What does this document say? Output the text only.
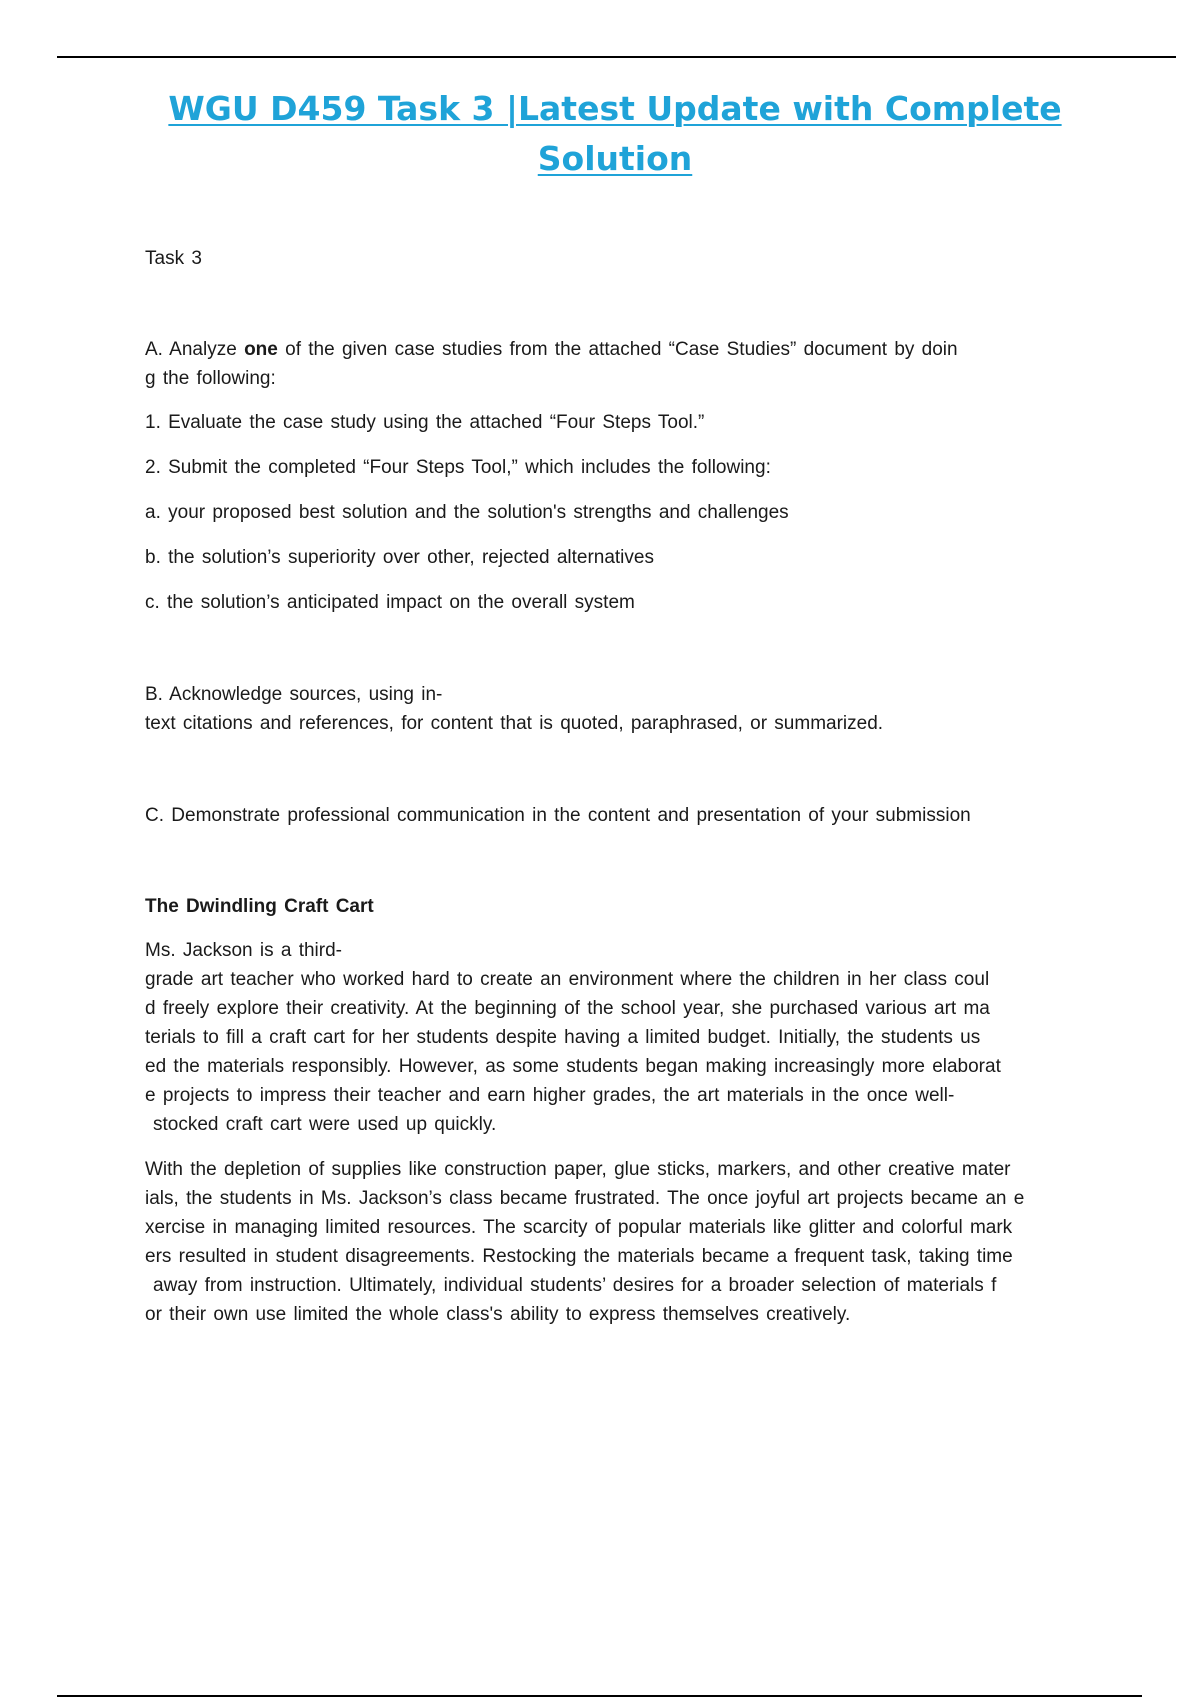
WGU D459 Task 3 |Latest Update with Complete
Solution

Task 3

A. Analyze one of the given case studies from the attached “Case Studies” document by doin
g the following:

1. Evaluate the case study using the attached “Four Steps Tool.”

2. Submit the completed “Four Steps Tool,” which includes the following:

a. your proposed best solution and the solution's strengths and challenges

b. the solution’s superiority over other, rejected alternatives

c. the solution’s anticipated impact on the overall system

B. Acknowledge sources, using in-
text citations and references, for content that is quoted, paraphrased, or summarized.

C. Demonstrate professional communication in the content and presentation of your submission

The Dwindling Craft Cart

Ms. Jackson is a third-
grade art teacher who worked hard to create an environment where the children in her class coul
d freely explore their creativity. At the beginning of the school year, she purchased various art ma
terials to fill a craft cart for her students despite having a limited budget. Initially, the students us
ed the materials responsibly. However, as some students began making increasingly more elaborat
e projects to impress their teacher and earn higher grades, the art materials in the once well-
stocked craft cart were used up quickly.

With the depletion of supplies like construction paper, glue sticks, markers, and other creative mater
ials, the students in Ms. Jackson’s class became frustrated. The once joyful art projects became an e
xercise in managing limited resources. The scarcity of popular materials like glitter and colorful mark
ers resulted in student disagreements. Restocking the materials became a frequent task, taking time
away from instruction. Ultimately, individual students’ desires for a broader selection of materials f
or their own use limited the whole class's ability to express themselves creatively.
